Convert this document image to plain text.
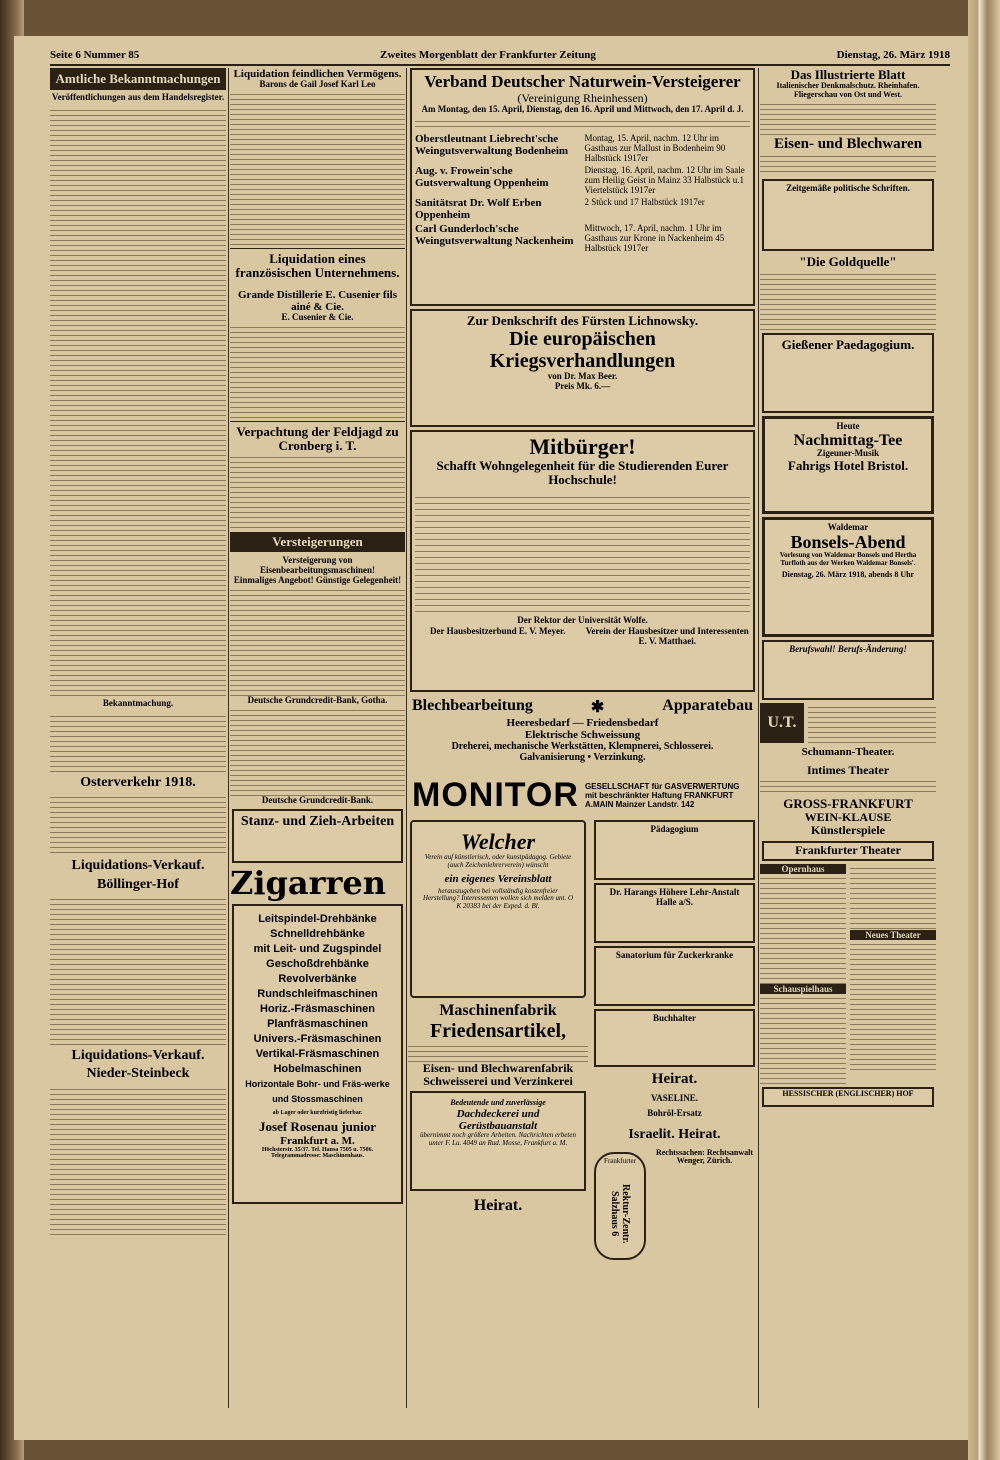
Seite 6 Nummer 85	Zweites Morgenblatt der Frankfurter Zeitung	Dienstag, 26. März 1918
Amtliche Bekanntmachungen
Veröffentlichungen aus dem Handelsregister.
Bekanntmachung.
Osterverkehr 1918.
Liquidations-Verkauf.
Böllinger-Hof
Liquidations-Verkauf.
Nieder-Steinbeck
Liquidation feindlichen Vermögens.
Barons de Gail Josef Karl Leo
Liquidation eines französischen Unternehmens.
Grande Distillerie E. Cusenier fils ainé & Cie.
E. Cusenier & Cie.
Verpachtung der Feldjagd zu Cronberg i. T.
Versteigerungen
Versteigerung von Eisenbearbeitungsmaschinen!
Einmaliges Angebot! Günstige Gelegenheit!
Deutsche Grundcredit-Bank, Gotha.
Deutsche Grundcredit-Bank.
Stanz- und Zieh-Arbeiten
Zigarren
Leitspindel-Drehbänke
Schnelldrehbänke
mit Leit- und Zugspindel
Geschoßdrehbänke
Revolverbänke
Rundschleifmaschinen
Horiz.-Fräsmaschinen
Planfräsmaschinen
Univers.-Fräsmaschinen
Vertikal-Fräsmaschinen
Hobelmaschinen
Horizontale Bohr- und Fräs-werke und Stossmaschinen
ab Lager oder kurzfristig lieferbar.
Josef Rosenau junior
Frankfurt a. M.
Höchsterstr. 35/37. Tel. Hansa 7505 u. 7506.
Telegrammadresse: Maschinenhaus.
Verband Deutscher Naturwein-Versteigerer
(Vereinigung Rheinhessen)
Am Montag, den 15. April, Dienstag, den 16. April und Mittwoch, den 17. April d. J.
Oberstleutnant Liebrecht'sche Weingutsverwaltung Bodenheim
Montag, 15. April, nachm. 12 Uhr im Gasthaus zur Mallust in Bodenheim 90 Halbstück 1917er
Aug. v. Frowein'sche Gutsverwaltung Oppenheim
Dienstag, 16. April, nachm. 12 Uhr im Saale zum Heilig Geist in Mainz 33 Halbstück u.1 Viertelstück 1917er
Sanitätsrat Dr. Wolf Erben Oppenheim
2 Stück und 17 Halbstück 1917er
Carl Gunderloch'sche Weingutsverwaltung Nackenheim
Mittwoch, 17. April, nachm. 1 Uhr im Gasthaus zur Krone in Nackenheim 45 Halbstück 1917er
Zur Denkschrift des Fürsten Lichnowsky.
Die europäischen Kriegsverhandlungen
von Dr. Max Beer.
Preis Mk. 6.—
Mitbürger!
Schafft Wohngelegenheit für die Studierenden Eurer Hochschule!
Der Rektor der Universität Wolfe.
Der Hausbesitzerbund E. V. Meyer.	Verein der Hausbesitzer und Interessenten E. V. Matthaei.
Blechbearbeitung	✱	Apparatebau
Heeresbedarf — Friedensbedarf
Elektrische Schweissung
Dreherei, mechanische Werkstätten, Klempnerei, Schlosserei.
Galvanisierung • Verzinkung.
MONITOR GESELLSCHAFT für GASVERWERTUNG mit beschränkter Haftung FRANKFURT A.MAIN Mainzer Landstr. 142
Welcher
Verein auf künstlerisch, oder kunstpädagog. Gebiete (auch Zeichenlehrerverein) wünscht
ein eigenes Vereinsblatt
herauszugeben bei vollständig kostenfreier Herstellung? Interessenten wollen sich melden unt. O K 20383 bei der Exped. d. Bl.
Maschinenfabrik
Friedensartikel,
Eisen- und Blechwarenfabrik Schweisserei und Verzinkerei
Bedeutende und zuverlässige
Dachdeckerei und Gerüstbauanstalt
übernimmt noch größere Arbeiten. Nachrichten erbeten unter F. Lu. 4049 an Rud. Mosse, Frankfurt a. M.
Heirat.
Pädagogium
Dr. Harangs Höhere Lehr-Anstalt Halle a/S.
Sanatorium für Zuckerkranke
Buchhalter
Heirat.
VASELINE.
Bohröl-Ersatz
Israelit. Heirat.
Frankfurter
Rektur-Zentr. Salzhaus 6
Rechtssachen: Rechtsanwalt Wenger, Zürich.
Das Illustrierte Blatt
Italienischer Denkmalschutz. Rheinhafen. Fliegerschau von Ost und West.
Eisen- und Blechwaren
Zeitgemäße politische Schriften.
"Die Goldquelle"
Gießener Paedagogium.
Heute
Nachmittag-Tee
Zigeuner-Musik
Fahrigs Hotel Bristol.
Waldemar
Bonsels-Abend
Vorlesung von Waldemar Bonsels und Hertha Turfloth aus der Werken Waldemar Bonsels'.
Dienstag, 26. März 1918, abends 8 Uhr
Berufswahl! Berufs-Änderung!
U.T.
Schumann-Theater.
Intimes Theater
GROSS-FRANKFURT
WEIN-KLAUSE
Künstlerspiele
Frankfurter Theater
Opernhaus
Schauspielhaus
Neues Theater
HESSISCHER (ENGLISCHER) HOF
